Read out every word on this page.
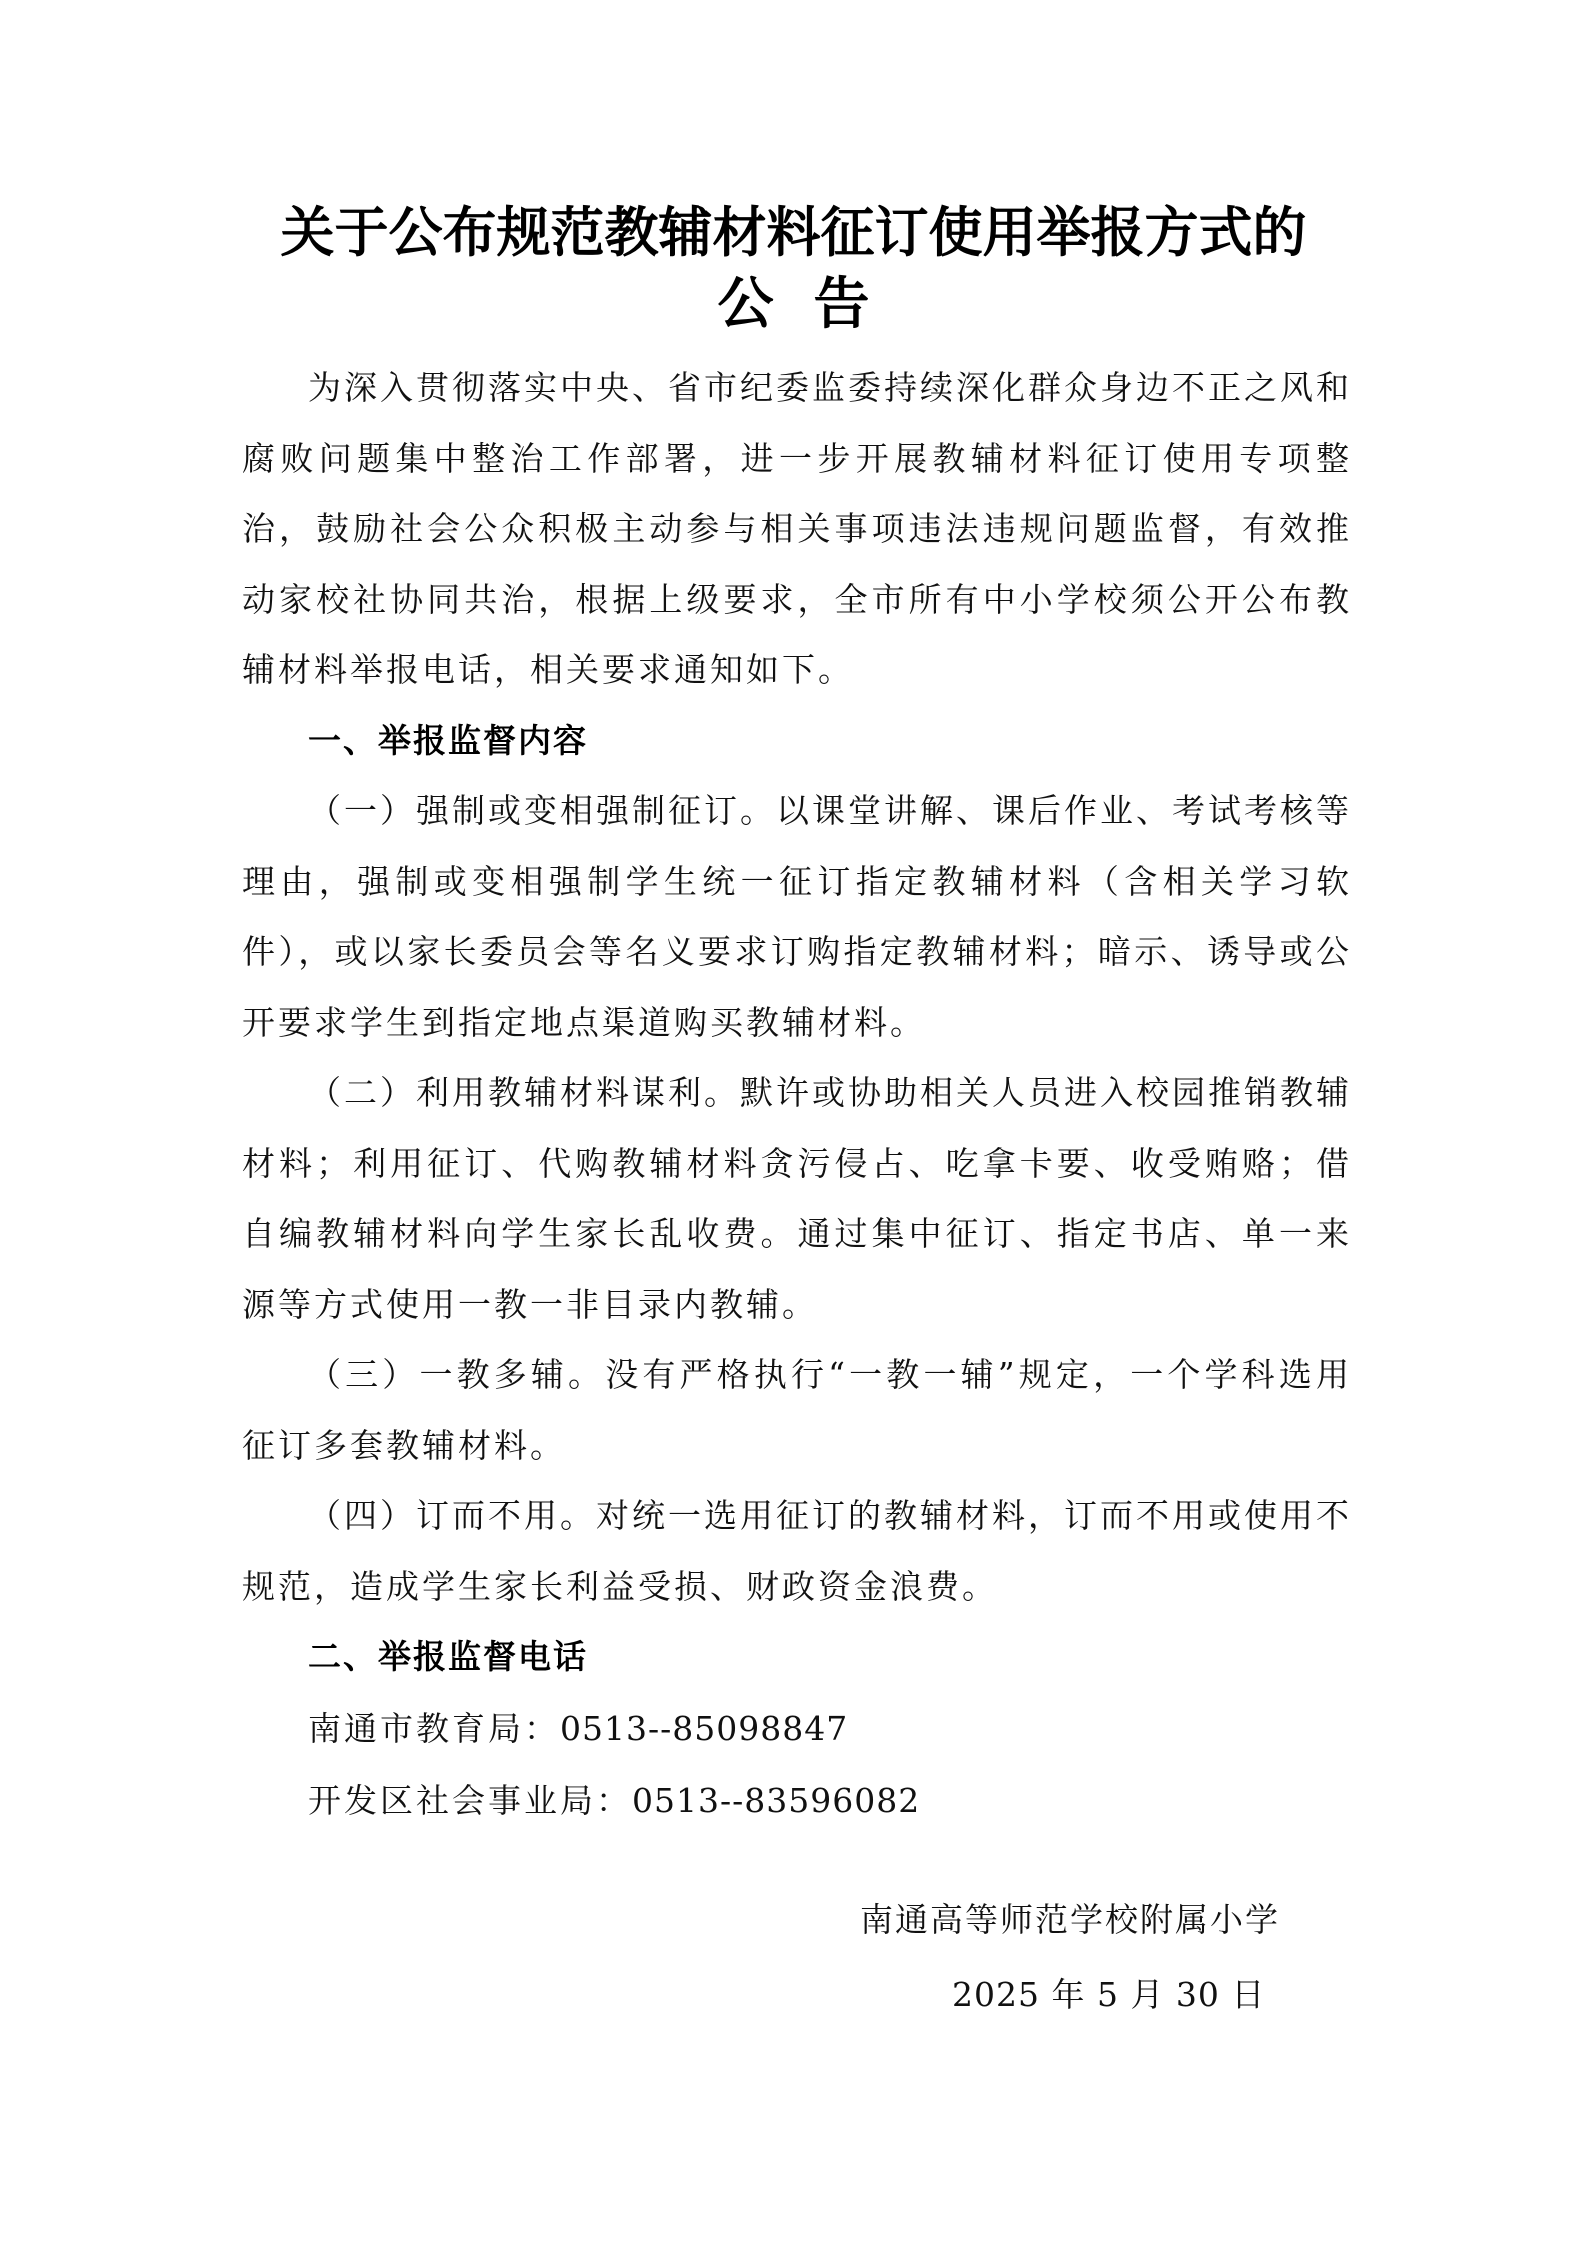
关于公布规范教辅材料征订使用举报方式的
公告

为深入贯彻落实中央、省市纪委监委持续深化群众身边不正之风和腐败问题集中整治工作部署，进一步开展教辅材料征订使用专项整治，鼓励社会公众积极主动参与相关事项违法违规问题监督，有效推动家校社协同共治，根据上级要求，全市所有中小学校须公开公布教辅材料举报电话，相关要求通知如下。

一、举报监督内容

（一）强制或变相强制征订。以课堂讲解、课后作业、考试考核等理由，强制或变相强制学生统一征订指定教辅材料（含相关学习软件），或以家长委员会等名义要求订购指定教辅材料；暗示、诱导或公开要求学生到指定地点渠道购买教辅材料。

（二）利用教辅材料谋利。默许或协助相关人员进入校园推销教辅材料；利用征订、代购教辅材料贪污侵占、吃拿卡要、收受贿赂；借自编教辅材料向学生家长乱收费。通过集中征订、指定书店、单一来源等方式使用一教一非目录内教辅。

（三）一教多辅。没有严格执行“一教一辅”规定，一个学科选用征订多套教辅材料。

（四）订而不用。对统一选用征订的教辅材料，订而不用或使用不规范，造成学生家长利益受损、财政资金浪费。

二、举报监督电话

南通市教育局：0513--85098847

开发区社会事业局：0513--83596082

南通高等师范学校附属小学

2025 年 5 月 30 日
